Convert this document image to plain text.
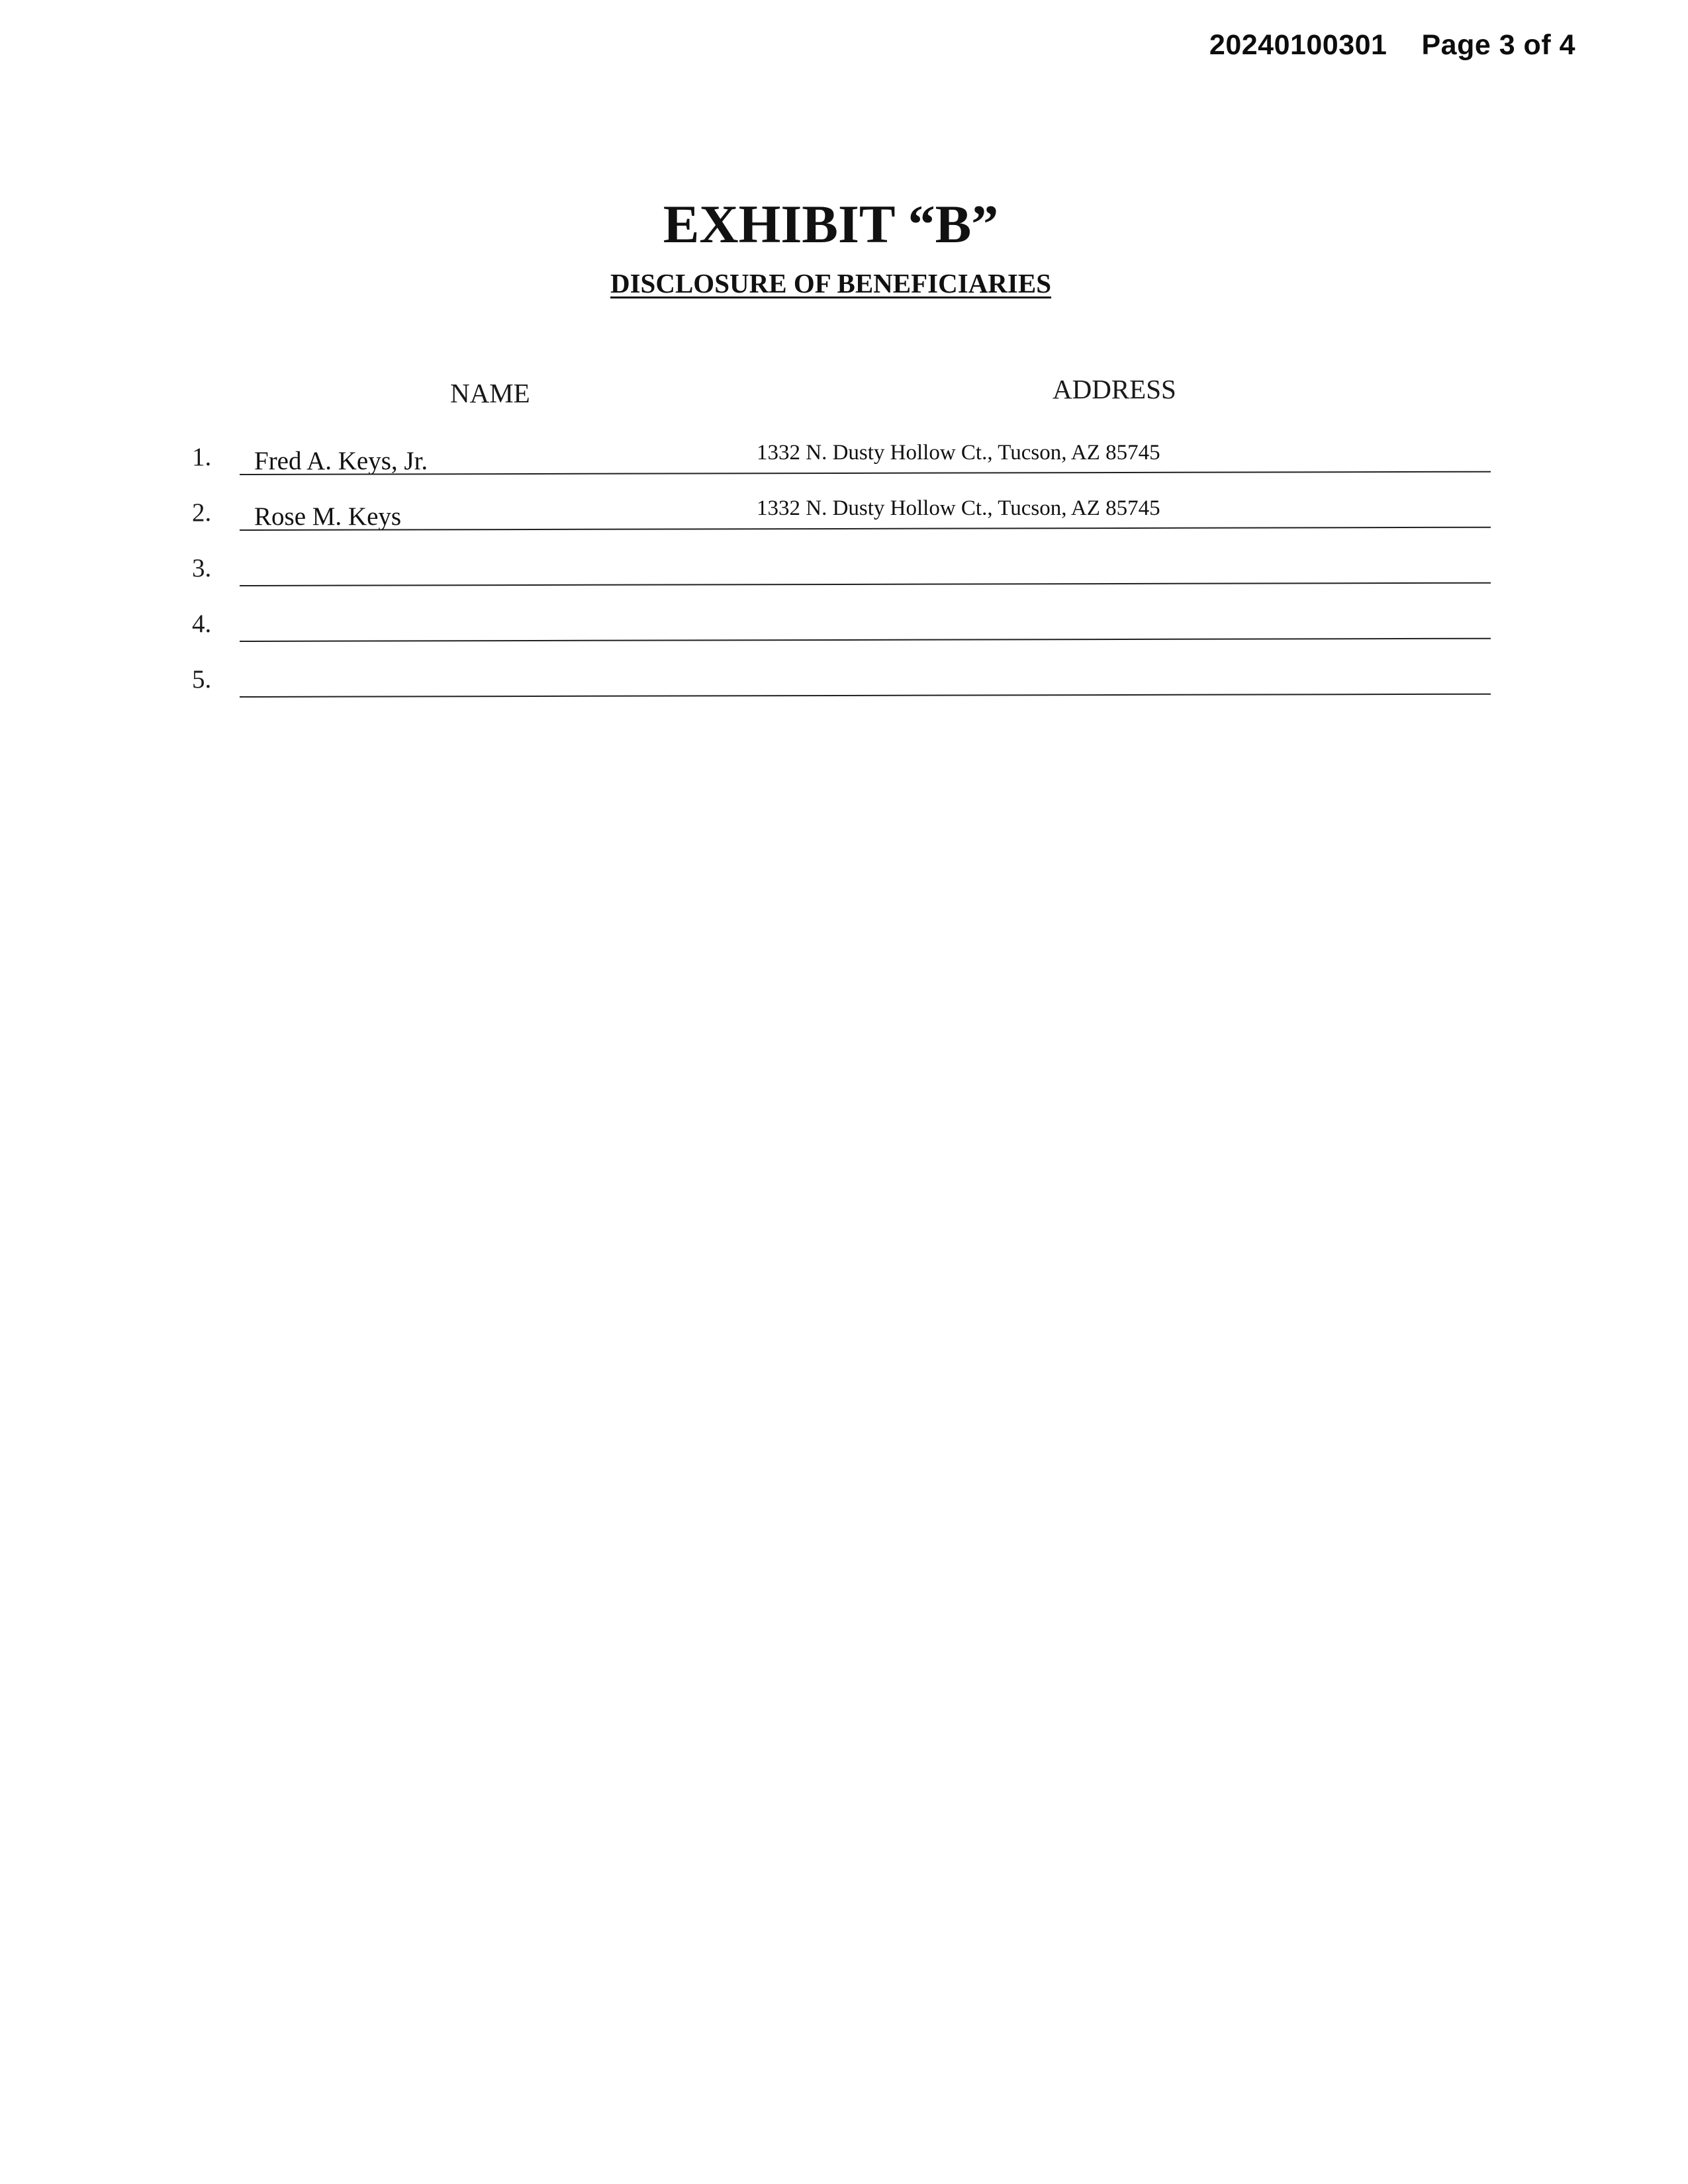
20240100301 Page 3 of 4
EXHIBIT “B”
DISCLOSURE OF BENEFICIARIES
NAME	ADDRESS
1. Fred A. Keys, Jr.	1332 N. Dusty Hollow Ct., Tucson, AZ 85745
2. Rose M. Keys	1332 N. Dusty Hollow Ct., Tucson, AZ 85745
3.
4.
5.
